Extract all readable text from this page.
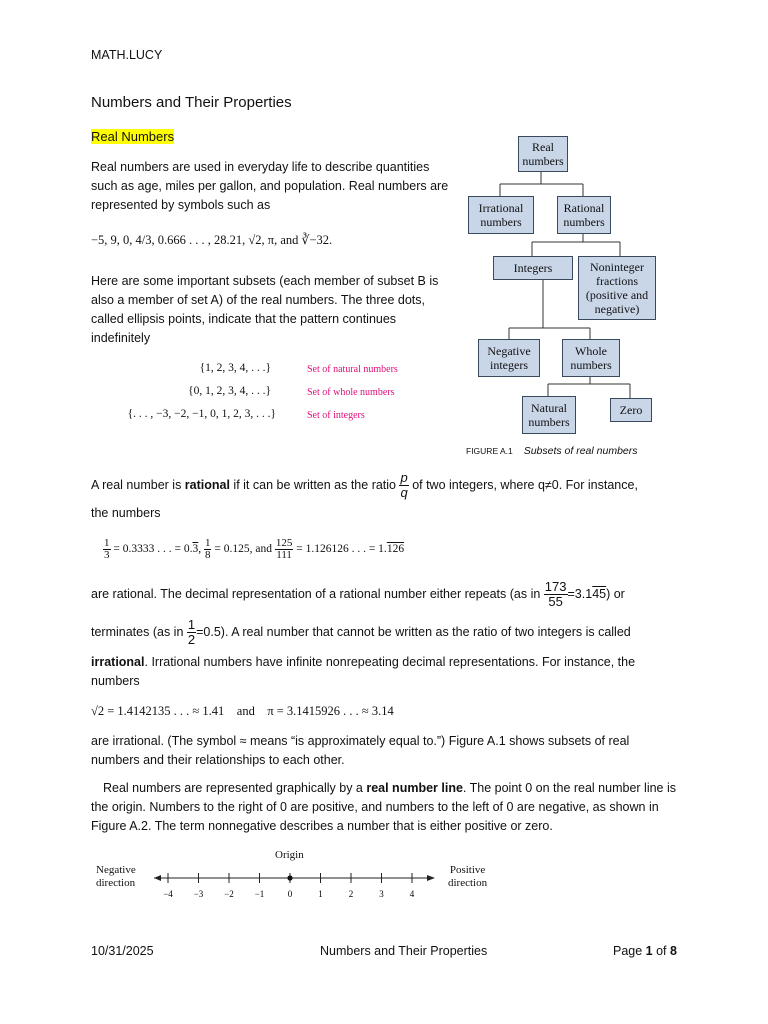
MATH.LUCY
Numbers and Their Properties
Real Numbers
Real numbers are used in everyday life to describe quantities such as age, miles per gallon, and population. Real numbers are represented by symbols such as
−5, 9, 0, 4/3, 0.666 . . . , 28.21, √2, π, and ∛−32.
Here are some important subsets (each member of subset B is also a member of set A) of the real numbers. The three dots, called ellipsis points, indicate that the pattern continues indefinitely
{1, 2, 3, 4, . . .}	Set of natural numbers
{0, 1, 2, 3, 4, . . .}	Set of whole numbers
{. . . , −3, −2, −1, 0, 1, 2, 3, . . .}	Set of integers
Real numbers
Irrational numbers
Rational numbers
Integers	Noninteger fractions (positive and negative)
Negative integers
Whole numbers
Natural numbers
Zero
FIGURE A.1 Subsets of real numbers
A real number is rational if it can be written as the ratio $\frac{p}{q}$ of two integers, where q≠0. For instance,
the numbers
$\frac{1}{3} = 0.3333$ . . . = 0.3, $\frac{1}{8} = 0.125$, and $\frac{125}{111} = 1.126126$ . . . = 1.126
are rational. The decimal representation of a rational number either repeats (as in $\frac{173}{55} =3.145$) or
terminates (as in $\frac{1}{2} =0.5$). A real number that cannot be written as the ratio of two integers is called
irrational. Irrational numbers have infinite nonrepeating decimal representations. For instance, the numbers
√2 = 1.4142135 . . . ≈ 1.41    and    π = 3.1415926 . . . ≈ 3.14
are irrational. (The symbol ≈ means “is approximately equal to.”) Figure A.1 shows subsets of real numbers and their relationships to each other.
Real numbers are represented graphically by a real number line. The point 0 on the real number line is the origin. Numbers to the right of 0 are positive, and numbers to the left of 0 are negative, as shown in Figure A.2. The term nonnegative describes a number that is either positive or zero.
Origin
Negative
direction
Positive
direction
−4 −3 −2 −1	0	1	2	3	4
10/31/2025	Numbers and Their Properties	Page 1 of 8
